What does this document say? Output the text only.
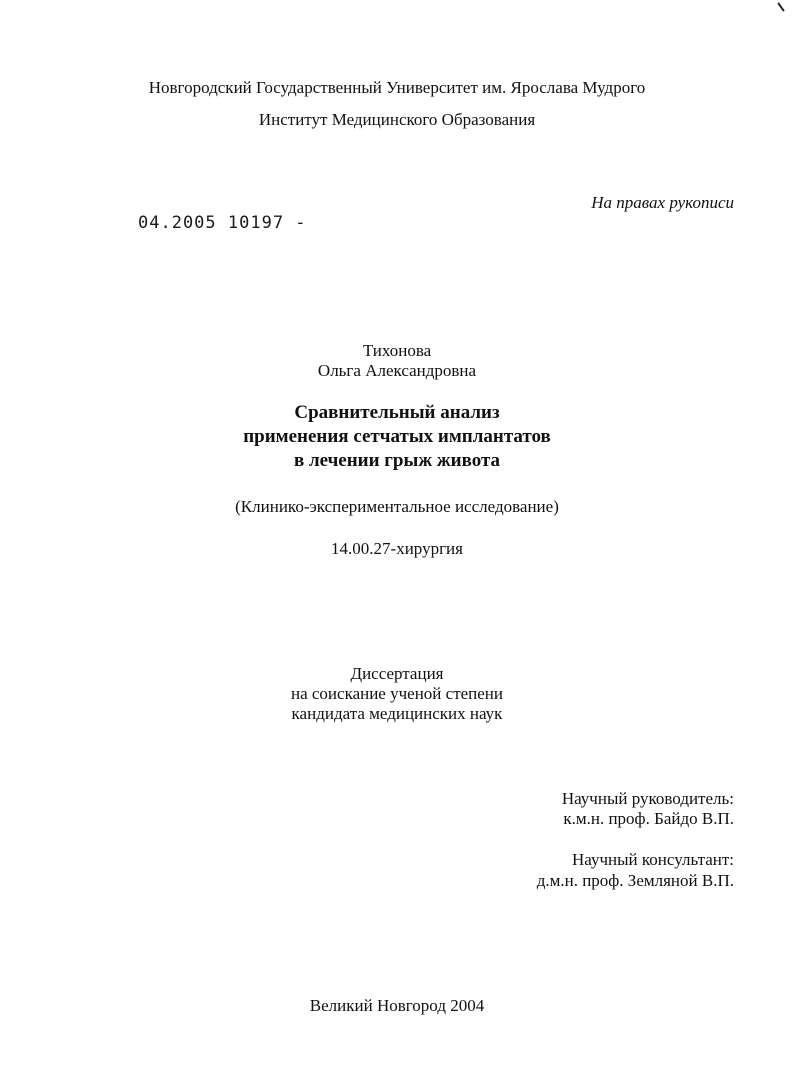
Новгородский Государственный Университет им. Ярослава Мудрого
Институт Медицинского Образования
На правах рукописи
04.2005 10197 -
Тихонова
Ольга Александровна
Сравнительный анализ
применения сетчатых имплантатов
в лечении грыж живота
(Клинико-экспериментальное исследование)
14.00.27-хирургия
Диссертация
на соискание ученой степени
кандидата медицинских наук
Научный руководитель:
к.м.н. проф. Байдо В.П.
Научный консультант:
д.м.н. проф. Земляной В.П.
Великий Новгород 2004
